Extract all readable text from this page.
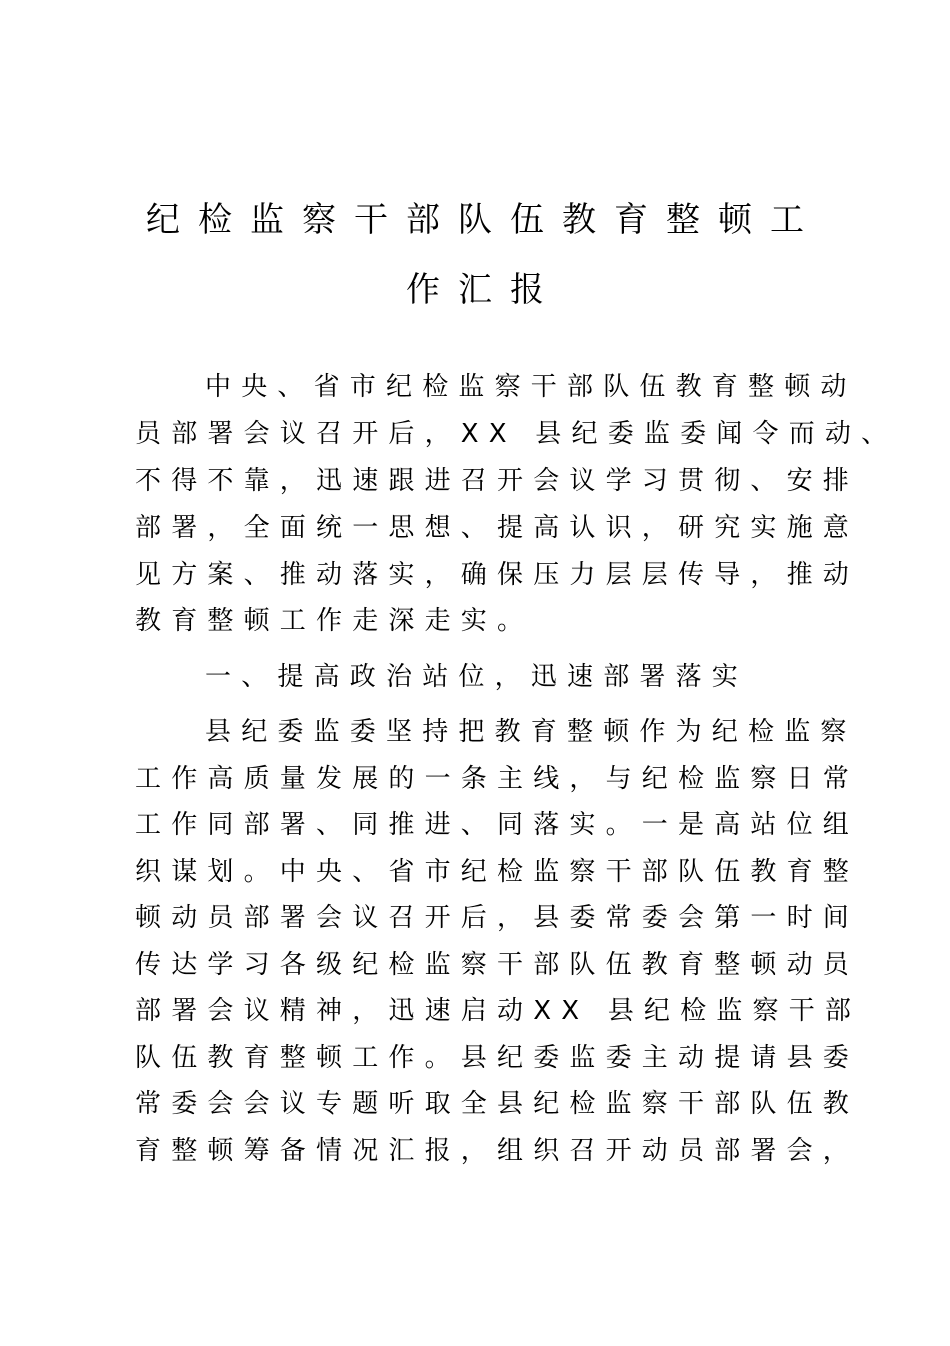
纪检监察干部队伍教育整顿工
作汇报
中央、省市纪检监察干部队伍教育整顿动
员部署会议召开后，XX 县纪委监委闻令而动、
不得不靠，迅速跟进召开会议学习贯彻、安排
部署，全面统一思想、提高认识，研究实施意
见方案、推动落实，确保压力层层传导，推动
教育整顿工作走深走实。
一、提高政治站位，迅速部署落实
县纪委监委坚持把教育整顿作为纪检监察
工作高质量发展的一条主线，与纪检监察日常
工作同部署、同推进、同落实。一是高站位组
织谋划。中央、省市纪检监察干部队伍教育整
顿动员部署会议召开后，县委常委会第一时间
传达学习各级纪检监察干部队伍教育整顿动员
部署会议精神，迅速启动XX 县纪检监察干部
队伍教育整顿工作。县纪委监委主动提请县委
常委会会议专题听取全县纪检监察干部队伍教
育整顿筹备情况汇报，组织召开动员部署会，
